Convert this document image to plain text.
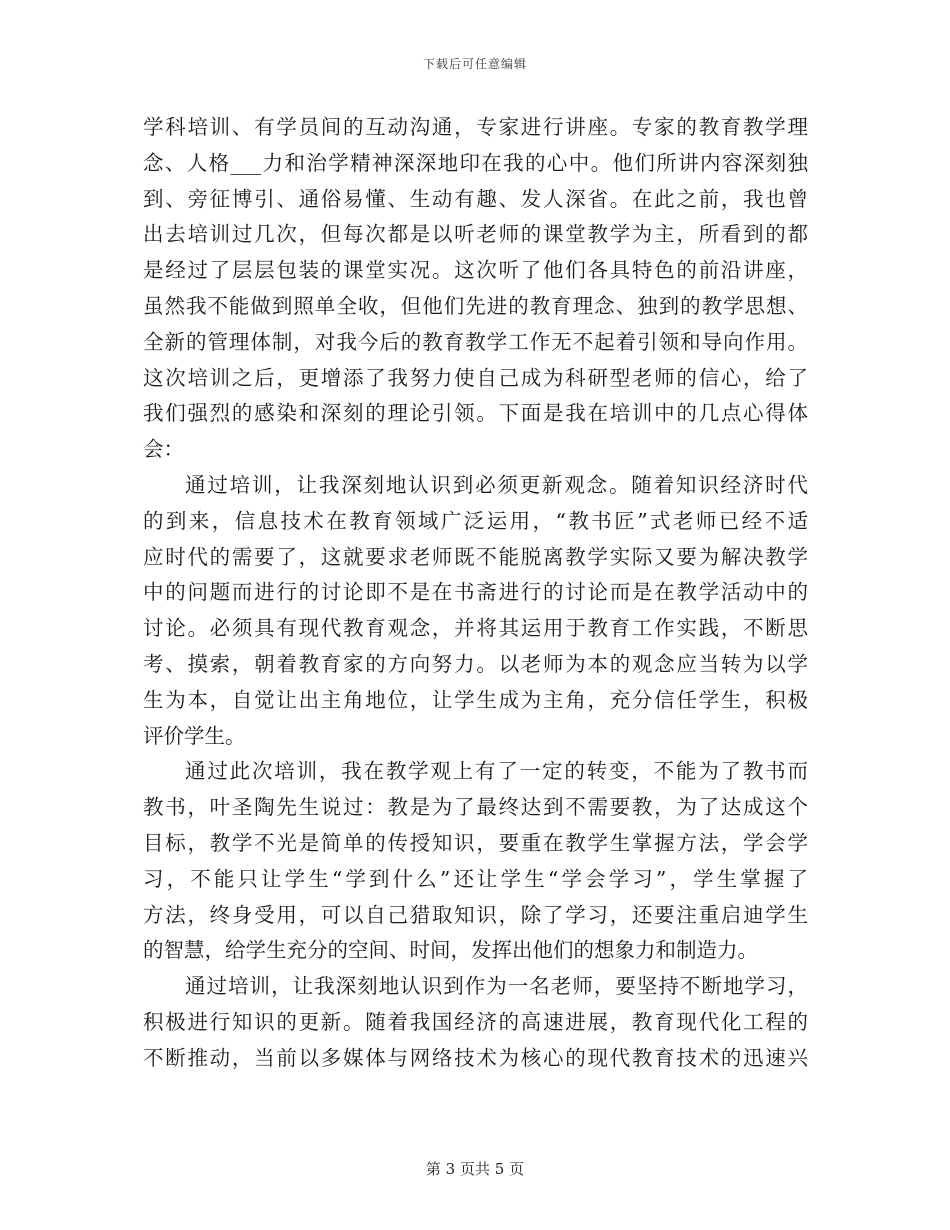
下载后可任意编辑
学科培训、有学员间的互动沟通，专家进行讲座。专家的教育教学理
念、人格___力和治学精神深深地印在我的心中。他们所讲内容深刻独
到、旁征博引、通俗易懂、生动有趣、发人深省。在此之前，我也曾
出去培训过几次，但每次都是以听老师的课堂教学为主，所看到的都
是经过了层层包装的课堂实况。这次听了他们各具特色的前沿讲座，
虽然我不能做到照单全收，但他们先进的教育理念、独到的教学思想、
全新的管理体制，对我今后的教育教学工作无不起着引领和导向作用。
这次培训之后，更增添了我努力使自己成为科研型老师的信心，给了
我们强烈的感染和深刻的理论引领。下面是我在培训中的几点心得体
会：
通过培训，让我深刻地认识到必须更新观念。随着知识经济时代
的到来，信息技术在教育领域广泛运用，“教书匠”式老师已经不适
应时代的需要了，这就要求老师既不能脱离教学实际又要为解决教学
中的问题而进行的讨论即不是在书斋进行的讨论而是在教学活动中的
讨论。必须具有现代教育观念，并将其运用于教育工作实践，不断思
考、摸索，朝着教育家的方向努力。以老师为本的观念应当转为以学
生为本，自觉让出主角地位，让学生成为主角，充分信任学生，积极
评价学生。
通过此次培训，我在教学观上有了一定的转变，不能为了教书而
教书，叶圣陶先生说过：教是为了最终达到不需要教，为了达成这个
目标，教学不光是简单的传授知识，要重在教学生掌握方法，学会学
习，不能只让学生“学到什么”还让学生“学会学习”，学生掌握了
方法，终身受用，可以自己猎取知识，除了学习，还要注重启迪学生
的智慧，给学生充分的空间、时间，发挥出他们的想象力和制造力。
通过培训，让我深刻地认识到作为一名老师，要坚持不断地学习，
积极进行知识的更新。随着我国经济的高速进展，教育现代化工程的
不断推动，当前以多媒体与网络技术为核心的现代教育技术的迅速兴
第 3 页共 5 页
